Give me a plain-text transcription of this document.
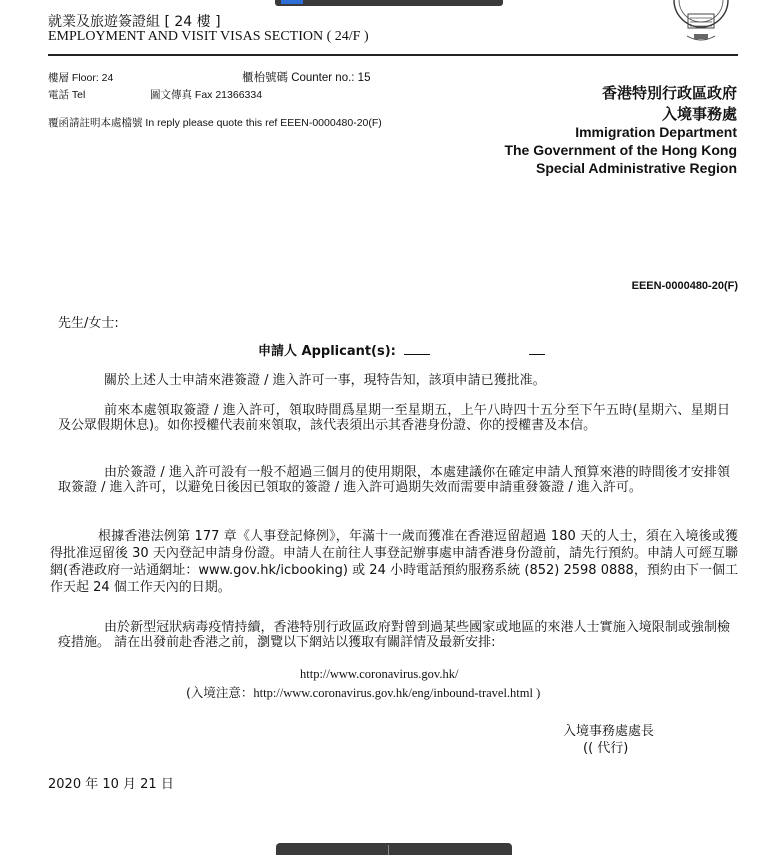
就業及旅遊簽證組 [ 24 樓 ]
EMPLOYMENT AND VISIT VISAS SECTION ( 24/F )
樓層 Floor: 24	櫃枱號碼 Counter no.: 15
電話 Tel	圖文傳真 Fax 21366334
覆函請註明本處檔號 In reply please quote this ref EEEN-0000480-20(F)
香港特別行政區政府
入境事務處
Immigration Department
The Government of the Hong Kong
Special Administrative Region
EEEN-0000480-20(F)
先生/女士:
申請人 Applicant(s):
關於上述人士申請來港簽證 / 進入許可一事，現特告知，該項申請已獲批准。
前來本處領取簽證 / 進入許可，領取時間爲星期一至星期五，上午八時四十五分至下午五時(星期六、星期日及公眾假期休息)。如你授權代表前來領取，該代表須出示其香港身份證、你的授權書及本信。
由於簽證 / 進入許可設有一般不超過三個月的使用期限，本處建議你在確定申請人預算來港的時間後才安排領取簽證 / 進入許可，以避免日後因已領取的簽證 / 進入許可過期失效而需要申請重發簽證 / 進入許可。
根據香港法例第 177 章《人事登記條例》，年滿十一歲而獲准在香港逗留超過 180 天的人士，須在入境後或獲得批准逗留後 30 天內登記申請身份證。申請人在前往人事登記辦事處申請香港身份證前，請先行預約。申請人可經互聯網(香港政府一站通網址：www.gov.hk/icbooking) 或 24 小時電話預約服務系統 (852) 2598 0888，預約由下一個工作天起 24 個工作天內的日期。
由於新型冠狀病毒疫情持續，香港特別行政區政府對曾到過某些國家或地區的來港人士實施入境限制或強制檢疫措施。 請在出發前赴香港之前，瀏覽以下網站以獲取有關詳情及最新安排:
http://www.coronavirus.gov.hk/
(入境注意：http://www.coronavirus.gov.hk/eng/inbound-travel.html )
入境事務處處長
(( 代行)
2020 年 10 月 21 日
